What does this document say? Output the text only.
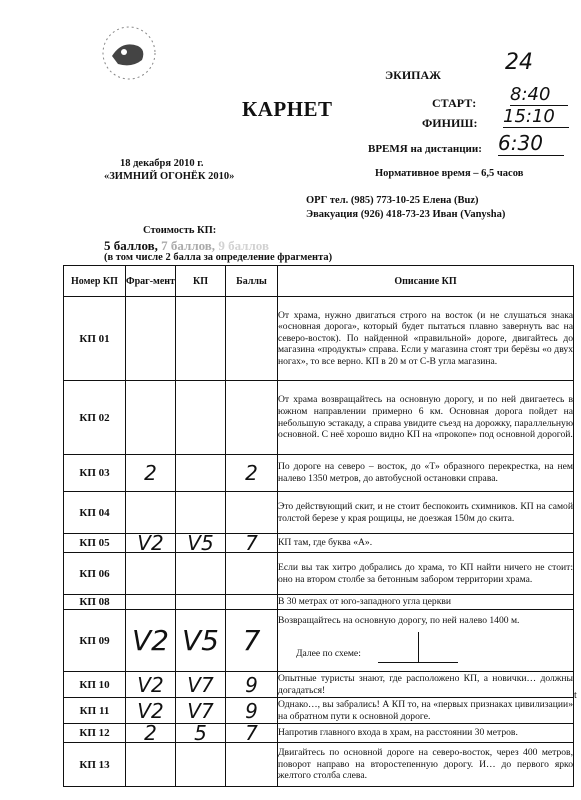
ЭКИПАЖ	24
КАРНЕТ	СТАРТ: 8:40
ФИНИШ: 15:10
18 декабря 2010 г.
«ЗИМНИЙ ОГОНЁК 2010»
ВРЕМЯ на дистанции: 6:30
Нормативное время – 6,5 часов
ОРГ тел. (985) 773-10-25 Елена (Buz)
Эвакуация (926) 418-73-23 Иван (Vanysha)
Стоимость КП:
5 баллов, 7 баллов, 9 баллов
(в том числе 2 балла за определение фрагмента)
Номер КП	Фраг-мент	КП	Баллы	Описание КП
КП 01				От храма, нужно двигаться строго на восток (и не слушаться знака «основная дорога», который будет пытаться плавно завернуть вас на северо-восток). По найденной «правильной» дороге, двигайтесь до магазина «продукты» справа. Если у магазина стоят три берёзы «о двух ногах», то все верно. КП в 20 м от С-В угла магазина.
КП 02				От храма возвращайтесь на основную дорогу, и по ней двигаетесь в южном направлении примерно 6 км. Основная дорога пойдет на небольшую эстакаду, а справа увидите съезд на дорожку, параллельную основной. С неё хорошо видно КП на «прокопе» под основной дорогой.
КП 03	2		2	По дороге на северо – восток, до «Т» образного перекрестка, на нем налево 1350 метров, до автобусной остановки справа.
КП 04				Это действующий скит, и не стоит беспокоить схимников. КП на самой толстой березе у края рощицы, не доезжая 150м до скита.
КП 05	V2	V5	7	КП там, где буква «А».
КП 06				Если вы так хитро добрались до храма, то КП найти ничего не стоит: оно на втором столбе за бетонным забором территории храма.
КП 08				В 30 метрах от юго-западного угла церкви
КП 09	V2	V5	7	Возвращайтесь на основную дорогу, по ней налево 1400 м.
Далее по схеме:

КП 10	V2	V7	9	Опытные туристы знают, где расположено КП, а новички… должны догадаться!
КП 11	V2	V7	9	Однако…, вы забрались! А КП то, на «первых признаках цивилизации» на обратном пути к основной дороге.
КП 12	2	5	7	Напротив главного входа в храм, на расстоянии 30 метров.
КП 13				Двигайтесь по основной дороге на северо-восток, через 400 метров, поворот направо на второстепенную дорогу. И… до первого ярко желтого столба слева.
t
